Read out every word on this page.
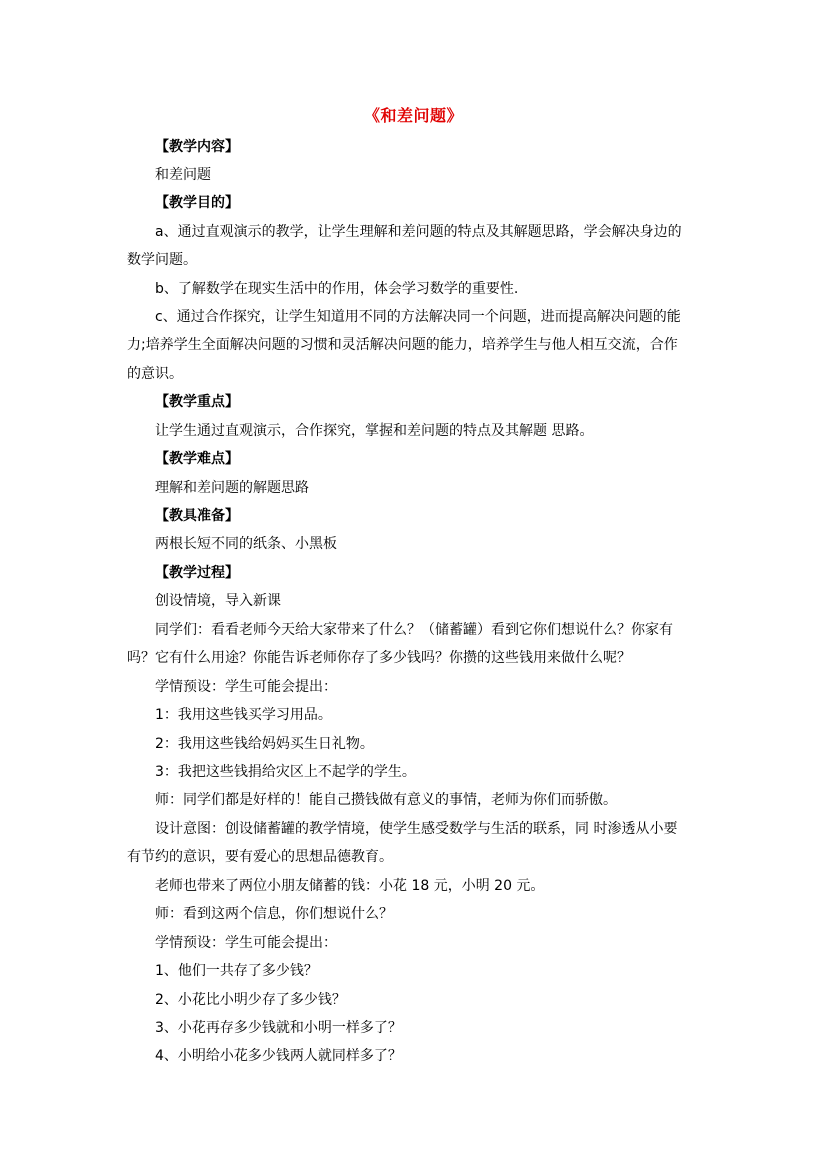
《和差问题》
【教学内容】
和差问题
【教学目的】
a、通过直观演示的教学，让学生理解和差问题的特点及其解题思路，学会解决身边的
数学问题。
b、了解数学在现实生活中的作用，体会学习数学的重要性.
c、通过合作探究，让学生知道用不同的方法解决同一个问题，进而提高解决问题的能
力;培养学生全面解决问题的习惯和灵活解决问题的能力，培养学生与他人相互交流，合作
的意识。
【教学重点】
让学生通过直观演示，合作探究，掌握和差问题的特点及其解题 思路。
【教学难点】
理解和差问题的解题思路
【教具准备】
两根长短不同的纸条、小黑板
【教学过程】
创设情境，导入新课
同学们：看看老师今天给大家带来了什么？（储蓄罐）看到它你们想说什么？你家有
吗？它有什么用途？你能告诉老师你存了多少钱吗？你攒的这些钱用来做什么呢？
学情预设：学生可能会提出：
1：我用这些钱买学习用品。
2：我用这些钱给妈妈买生日礼物。
3：我把这些钱捐给灾区上不起学的学生。
师：同学们都是好样的！能自己攒钱做有意义的事情，老师为你们而骄傲。
设计意图：创设储蓄罐的教学情境，使学生感受数学与生活的联系，同 时渗透从小要
有节约的意识，要有爱心的思想品德教育。
老师也带来了两位小朋友储蓄的钱：小花 18 元，小明 20 元。
师：看到这两个信息，你们想说什么？
学情预设：学生可能会提出：
1、他们一共存了多少钱？
2、小花比小明少存了多少钱？
3、小花再存多少钱就和小明一样多了？
4、小明给小花多少钱两人就同样多了？
